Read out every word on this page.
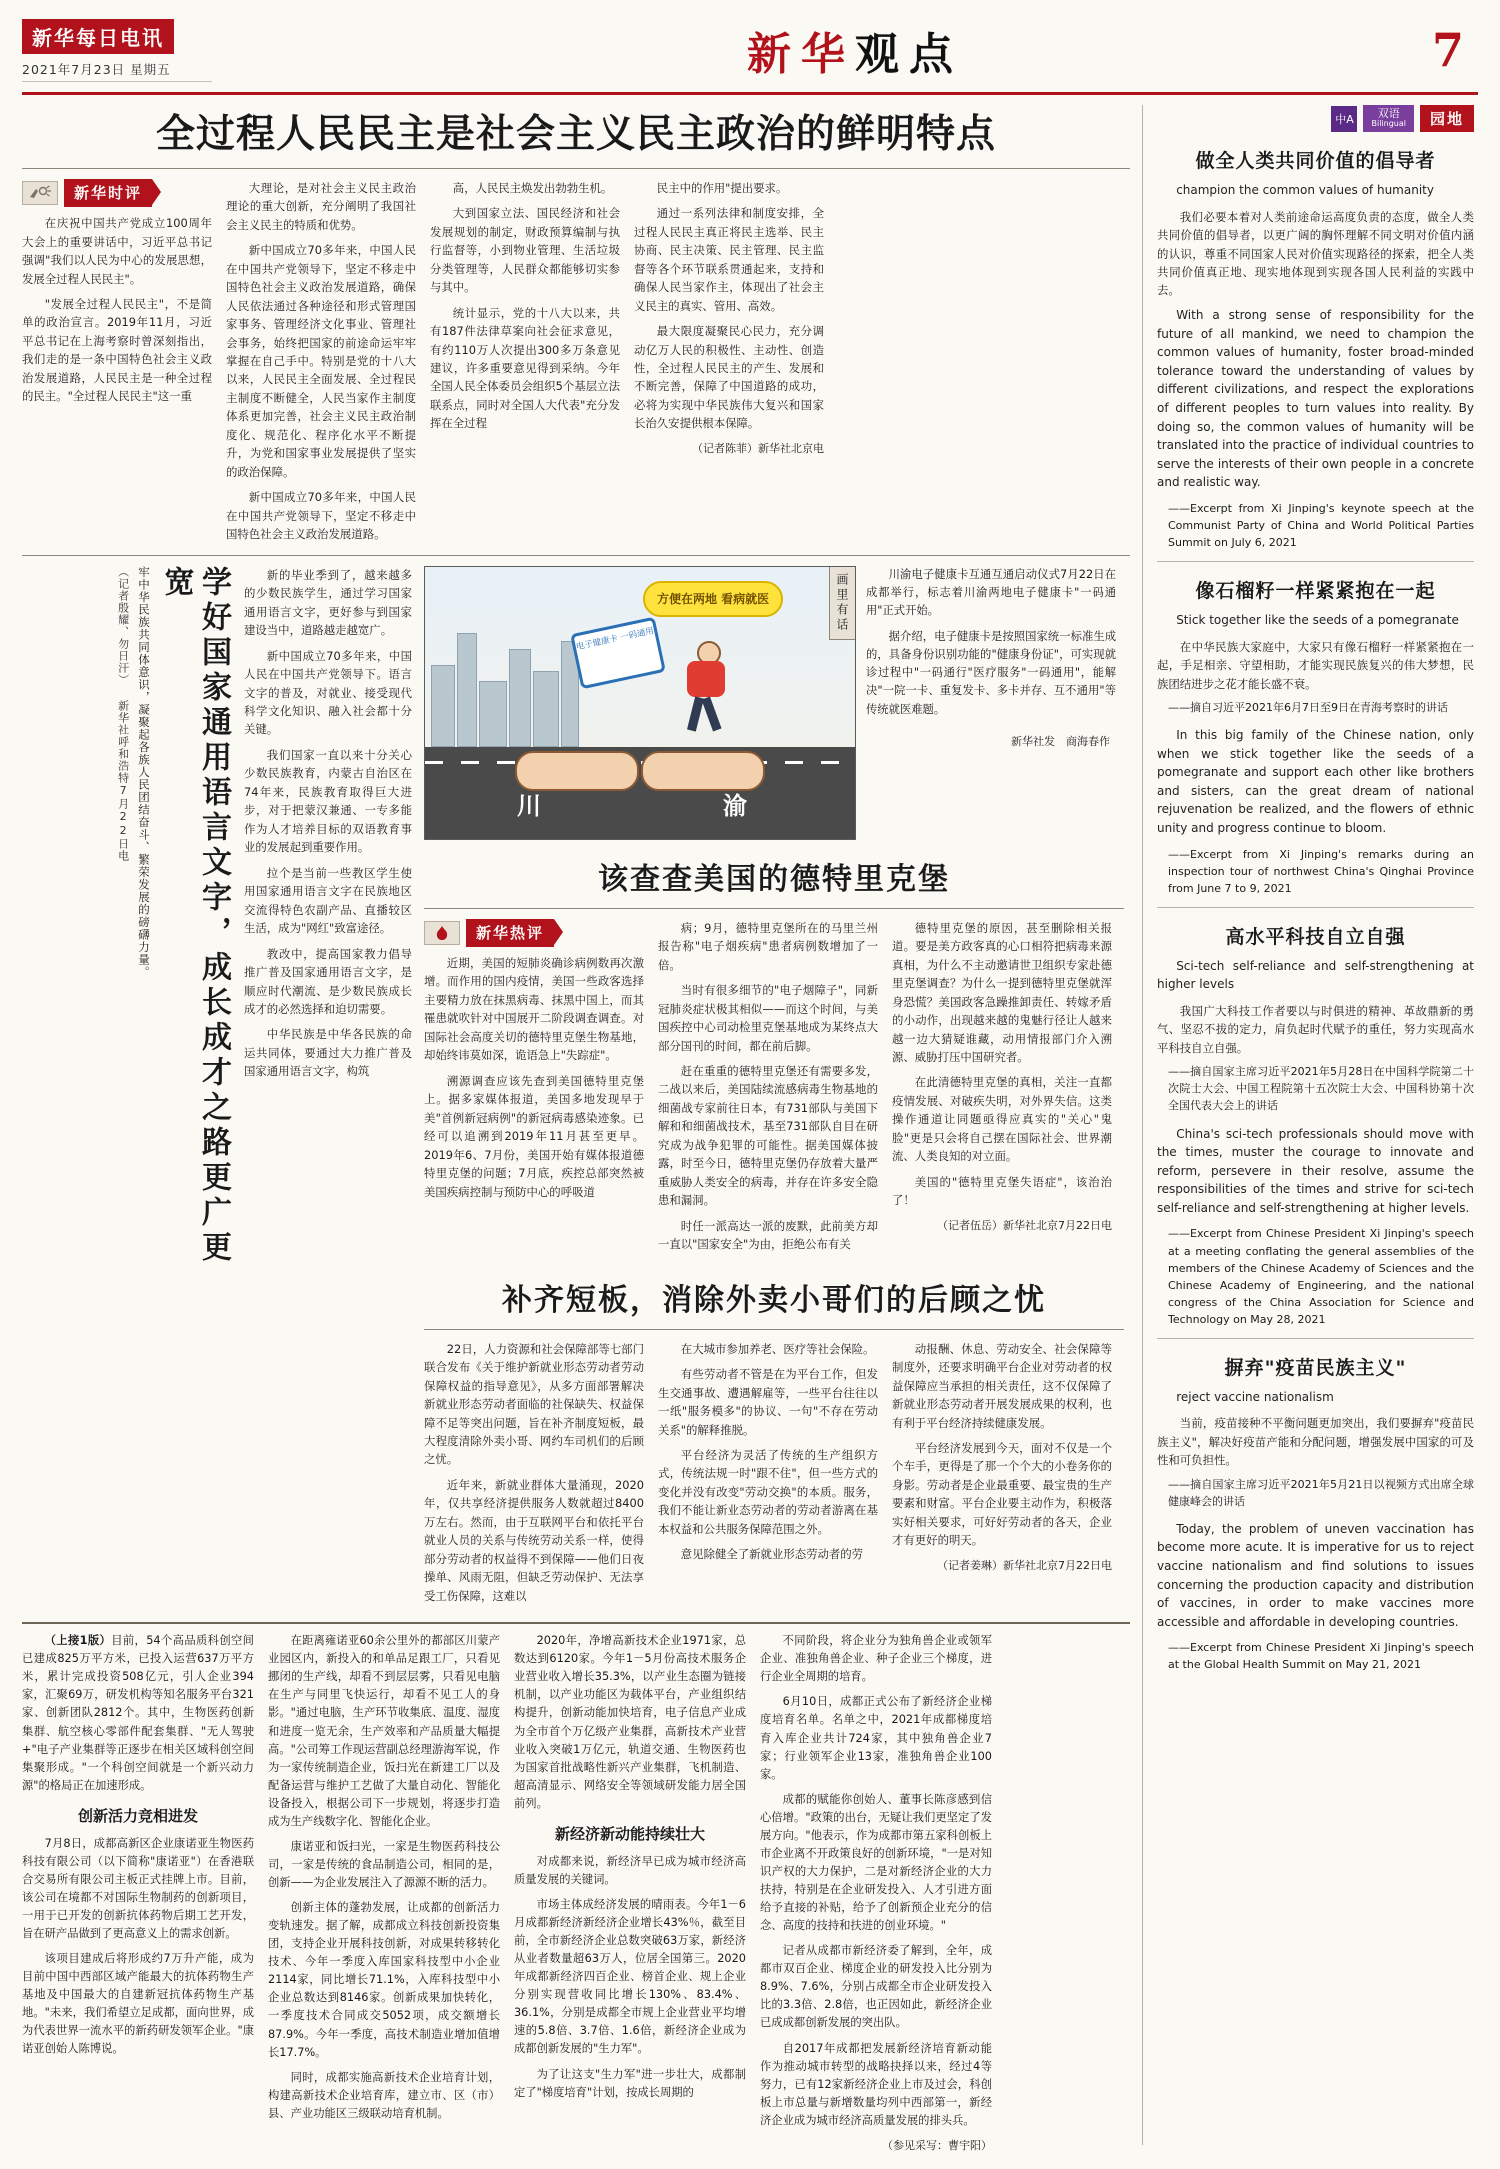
新华每日电讯
2021年7月23日 星期五	新华观点	7
全过程人民民主是社会主义民主政治的鲜明特点
新华时评

在庆祝中国共产党成立100周年大会上的重要讲话中，习近平总书记强调"我们以人民为中心的发展思想，发展全过程人民民主"。

"发展全过程人民民主"，不是简单的政治宣言。2019年11月，习近平总书记在上海考察时曾深刻指出，我们走的是一条中国特色社会主义政治发展道路，人民民主是一种全过程的民主。"全过程人民民主"这一重

大理论，是对社会主义民主政治理论的重大创新，充分阐明了我国社会主义民主的特质和优势。

新中国成立70多年来，中国人民在中国共产党领导下，坚定不移走中国特色社会主义政治发展道路，确保人民依法通过各种途径和形式管理国家事务、管理经济文化事业、管理社会事务，始终把国家的前途命运牢牢掌握在自己手中。特别是党的十八大以来，人民民主全面发展、全过程民主制度不断健全，人民当家作主制度体系更加完善，社会主义民主政治制度化、规范化、程序化水平不断提升，为党和国家事业发展提供了坚实的政治保障。

新中国成立70多年来，中国人民在中国共产党领导下，坚定不移走中国特色社会主义政治发展道路。

高，人民民主焕发出勃勃生机。

大到国家立法、国民经济和社会发展规划的制定，财政预算编制与执行监督等，小到物业管理、生活垃圾分类管理等，人民群众都能够切实参与其中。

统计显示，党的十八大以来，共有187件法律草案向社会征求意见，有约110万人次提出300多万条意见建议，许多重要意见得到采纳。今年全国人民全体委员会组织5个基层立法联系点，同时对全国人大代表"充分发挥在全过程

民主中的作用"提出要求。

通过一系列法律和制度安排，全过程人民民主真正将民主选举、民主协商、民主决策、民主管理、民主监督等各个环节联系贯通起来，支持和确保人民当家作主，体现出了社会主义民主的真实、管用、高效。

最大限度凝聚民心民力，充分调动亿万人民的积极性、主动性、创造性，全过程人民民主的产生、发展和不断完善，保障了中国道路的成功，必将为实现中华民族伟大复兴和国家长治久安提供根本保障。

（记者陈菲）新华社北京电

学好国家通用语言文字，成长成才之路更广更宽
牢中华民族共同体意识，凝聚起各族人民团结奋斗、繁荣发展的磅礴力量。
（记者殷耀、勿日汗） 新华社呼和浩特7月22日电	新的毕业季到了，越来越多的少数民族学生，通过学习国家通用语言文字，更好参与到国家建设当中，道路越走越宽广。

新中国成立70多年来，中国人民在中国共产党领导下。语言文字的普及，对就业、接受现代科学文化知识、融入社会都十分关键。

我们国家一直以来十分关心少数民族教育，内蒙古自治区在74年来，民族教育取得巨大进步，对于把蒙汉兼通、一专多能作为人才培养目标的双语教育事业的发展起到重要作用。

拉个是当前一些教区学生使用国家通用语言文字在民族地区交流得特色农副产品、直播较区生活，成为"网红"致富途径。

教改中，提高国家教力倡导推广普及国家通用语言文字，是顺应时代潮流、是少数民族成长成才的必然选择和迫切需要。

中华民族是中华各民族的命运共同体，要通过大力推广普及国家通用语言文字，构筑

电子健康卡 一码通用
方便在两地 看病就医
川	渝
画里有话	川渝电子健康卡互通互通启动仪式7月22日在成都举行，标志着川渝两地电子健康卡"一码通用"正式开始。

据介绍，电子健康卡是按照国家统一标准生成的，具备身份识别功能的"健康身份证"，可实现就诊过程中"一码通行"医疗服务"一码通用"，能解决"一院一卡、重复发卡、多卡并存、互不通用"等传统就医难题。

新华社发　商海春作

该查查美国的德特里克堡
新华热评

近期，美国的短肺炎确诊病例数再次激增。而作用的国内疫情，美国一些政客选择主要精力放在抹黑病毒、抹黑中国上，而其罹患就吹针对中国展开二阶段调查调查。对国际社会高度关切的德特里克堡生物基地，却始终讳莫如深，诡语急上"失踪症"。

溯源调查应该先查到美国德特里克堡上。据多家媒体报道，美国多地发现早于美"首例新冠病例"的新冠病毒感染迹象。已经可以追溯到2019年11月甚至更早。2019年6、7月份，美国开始有媒体报道德特里克堡的问题；7月底，疾控总部突然被美国疾病控制与预防中心的呼吸道

病；9月，德特里克堡所在的马里兰州报告称"电子烟疾病"患者病例数增加了一倍。

当时有很多细节的"电子烟障子"，同新冠肺炎症状极其相似——而这个时间，与美国疾控中心司动检里克堡基地成为某终点大部分国刊的时间，都在前后脚。

赶在重重的德特里克堡还有需要多发，二战以来后，美国陆续流感病毒生物基地的细菌战专家前往日本，有731部队与美国下解和和细菌战技术，基至731部队自目在研究成为战争犯罪的可能性。据美国媒体披露，时至今日，德特里克堡仍存放着大量严重威胁人类安全的病毒，并存在许多安全隐患和漏洞。

时任一派高达一派的废默，此前美方却一直以"国家安全"为由，拒绝公布有关

德特里克堡的原因，甚至删除相关报道。要是美方政客真的心口相符把病毒来源真相，为什么不主动邀请世卫组织专家赴德里克堡调查？为什么一提到德特里克堡就浑身恐慌？美国政客急躁推卸责任、转嫁矛盾的小动作，出现越来越的鬼魅行径让人越来越一边大猜疑谁藏，动用情报部门介入溯源、威胁打压中国研究者。

在此清德特里克堡的真相，关注一直都疫情发展、对破疾失明，对外界失信。这类操作通道让同题亟得应真实的"关心"鬼脸"更是只会将自己摆在国际社会、世界潮流、人类良知的对立面。

美国的"德特里克堡失语症"，该治治了！

（记者伍岳）新华社北京7月22日电

补齐短板，消除外卖小哥们的后顾之忧

22日，人力资源和社会保障部等七部门联合发布《关于维护新就业形态劳动者劳动保障权益的指导意见》，从多方面部署解决新就业形态劳动者面临的社保缺失、权益保障不足等突出问题，旨在补齐制度短板，最大程度清除外卖小哥、网约车司机们的后顾之忧。

近年来，新就业群体大量涌现，2020年，仅共享经济提供服务人数就超过8400万左右。然而，由于互联网平台和依托平台就业人员的关系与传统劳动关系一样，使得部分劳动者的权益得不到保障——他们日夜操单、风雨无阻，但缺乏劳动保护、无法享受工伤保障，这难以

在大城市参加养老、医疗等社会保险。

有些劳动者不管是在为平台工作，但发生交通事故、遭遇解雇等，一些平台往往以一纸"服务模多"的协议、一句"不存在劳动关系"的解释推脱。

平台经济为灵活了传统的生产组织方式，传统法规一时"跟不住"，但一些方式的变化并没有改变"劳动交换"的本质。服务，我们不能让新业态劳动者的劳动者游离在基本权益和公共服务保障范围之外。

意见除健全了新就业形态劳动者的劳

动报酬、休息、劳动安全、社会保障等制度外，还要求明确平台企业对劳动者的权益保障应当承担的相关责任，这不仅保障了新就业形态劳动者开展发展成果的权利，也有利于平台经济持续健康发展。

平台经济发展到今天，面对不仅是一个个车手，更得是了那一个个大的小卷务你的身影。劳动者是企业最重要、最宝贵的生产要素和财富。平台企业要主动作为，积极落实好相关要求，可好好劳动者的各天，企业才有更好的明天。

（记者姜琳）新华社北京7月22日电

（上接1版）目前，54个高品质科创空间已建成825万平方米，已投入运营637万平方米，累计完成投资508亿元，引人企业394家，汇聚69万，研发机构等知名服务平台321家、创新团队2812个。其中，生物医药创新集群、航空核心零部件配套集群、"无人驾驶+"电子产业集群等正逐步在相关区域科创空间集聚形成。"一个科创空间就是一个新兴动力源"的格局正在加速形成。

创新活力竞相进发

7月8日，成都高新区企业康诺亚生物医药科技有限公司（以下简称"康诺亚"）在香港联合交易所有限公司主板正式挂牌上市。目前，该公司在境都不对国际生物制药的创新项目，一用于已开发的创新抗体药物后期工艺开发，旨在研产品做到了更高意义上的需求创新。

该项目建成后将形成约7万升产能，成为目前中国中西部区域产能最大的抗体药物生产基地及中国最大的自建新冠抗体药物生产基地。"未来，我们希望立足成都，面向世界，成为代表世界一流水平的新药研发领军企业。"康诺亚创始人陈博说。

在距离雍诺亚60余公里外的都部区川蒙产业园区内，新投入的和单品足跟工厂，只看见挪闭的生产线，却看不到层层雾，只看见电脑在生产与同里飞快运行，却看不见工人的身影。"通过电脑，生产环节收集底、温度、湿度和进度一览无余，生产效率和产品质量大幅提高。"公司筹工作现运营副总经理游海军说，作为一家传统制造企业，饭扫光在新建工厂以及配备运营与维护工艺做了大量自动化、智能化设备投入，根据公司下一步规划，将逐步打造成为生产线数字化、智能化企业。

康诺亚和饭扫光，一家是生物医药科技公司，一家是传统的食品制造公司，相同的是，创新——为企业发展注入了源源不断的活力。

创新主体的蓬勃发展，让成都的创新活力变轨速发。据了解，成都成立科技创新投资集团，支持企业开展科技创新，对成果转移转化技术、今年一季度入库国家科技型中小企业2114家，同比增长71.1%，入库科技型中小企业总数达到8146家。创新成果加快转化，一季度技术合同成交5052项，成交额增长87.9%。今年一季度，高技术制造业增加值增长17.7%。

同时，成都实施高新技术企业培育计划，构建高新技术企业培育库，建立市、区（市）县、产业功能区三级联动培育机制。

2020年，净增高新技术企业1971家，总数达到6120家。今年1－5月份高技术服务企业营业收入增长35.3%，以产业生态圈为链接机制，以产业功能区为载体平台，产业组织结构提升，创新动能加快培育，电子信息产业成为全市首个万亿级产业集群，高新技术产业营业收入突破1万亿元，轨道交通、生物医药也为国家首批战略性新兴产业集群，飞机制造、超高清显示、网络安全等领域研发能力居全国前列。

新经济新动能持续壮大

对成都来说，新经济早已成为城市经济高质量发展的关键词。

市场主体成经济发展的晴雨表。今年1－6月成都新经济新经济企业增长43%％，截至目前，全市新经济企业总数突破63万家，新经济从业者数量超63万人，位居全国第三。2020年成都新经济四百企业、榜首企业、规上企业分别实现营收同比增长130%、83.4%、36.1%，分别是成都全市规上企业营业平均增速的5.8倍、3.7倍、1.6倍，新经济企业成为成都创新发展的"生力军"。

为了让这支"生力军"进一步壮大，成都制定了"梯度培育"计划，按成长周期的

不同阶段，将企业分为独角兽企业或领军企业、准独角兽企业、种子企业三个梯度，进行企业全周期的培育。

6月10日，成都正式公布了新经济企业梯度培育名单。名单之中，2021年成都梯度培育入库企业共计724家，其中独角兽企业7家；行业领军企业13家，准独角兽企业100家。

成都的赋能你创始人、董事长陈彦感到信心倍增。"政策的出台，无疑让我们更坚定了发展方向。"他表示，作为成都市第五家科创板上市企业离不开政策良好的创新环境，"一是对知识产权的大力保护，二是对新经济企业的大力扶持，特别是在企业研发投入、人才引进方面给予直接的补贴，给予了创新预企业充分的信念、高度的技持和扶进的创业环境。"

记者从成都市新经济委了解到，全年，成都市双百企业、梯度企业的研发投入比分别为8.9%、7.6%，分别占成都全市企业研发投入比的3.3倍、2.8倍，也正因如此，新经济企业已成成都创新发展的突出队。

自2017年成都把发展新经济培育新动能作为推动城市转型的战略抉择以来，经过4等努力，已有12家新经济企业上市及过会，科创板上市总量与新增数量均列中西部第一，新经济企业成为城市经济高质量发展的排头兵。

（参见采写：曹宇阳）

中A	双语
Bilingual	园地
做全人类共同价值的倡导者

champion the common values of humanity

我们必要本着对人类前途命运高度负责的态度，做全人类共同价值的倡导者，以更广阔的胸怀理解不同文明对价值内涵的认识，尊重不同国家人民对价值实现路径的探索，把全人类共同价值真正地、现实地体现到实现各国人民利益的实践中去。

With a strong sense of responsibility for the future of all mankind, we need to champion the common values of humanity, foster broad-minded tolerance toward the understanding of values by different civilizations, and respect the explorations of different peoples to turn values into reality. By doing so, the common values of humanity will be translated into the practice of individual countries to serve the interests of their own people in a concrete and realistic way.

——Excerpt from Xi Jinping's keynote speech at the Communist Party of China and World Political Parties Summit on July 6, 2021

像石榴籽一样紧紧抱在一起

Stick together like the seeds of a pomegranate

在中华民族大家庭中，大家只有像石榴籽一样紧紧抱在一起，手足相亲、守望相助，才能实现民族复兴的伟大梦想，民族团结进步之花才能长盛不衰。

——摘自习近平2021年6月7日至9日在青海考察时的讲话

In this big family of the Chinese nation, only when we stick together like the seeds of a pomegranate and support each other like brothers and sisters, can the great dream of national rejuvenation be realized, and the flowers of ethnic unity and progress continue to bloom.

——Excerpt from Xi Jinping's remarks during an inspection tour of northwest China's Qinghai Province from June 7 to 9, 2021

高水平科技自立自强

Sci-tech self-reliance and self-strengthening at higher levels

我国广大科技工作者要以与时俱进的精神、革故鼎新的勇气、坚忍不拔的定力，肩负起时代赋予的重任，努力实现高水平科技自立自强。

——摘自国家主席习近平2021年5月28日在中国科学院第二十次院士大会、中国工程院第十五次院士大会、中国科协第十次全国代表大会上的讲话

China's sci-tech professionals should move with the times, muster the courage to innovate and reform, persevere in their resolve, assume the responsibilities of the times and strive for sci-tech self-reliance and self-strengthening at higher levels.

——Excerpt from Chinese President Xi Jinping's speech at a meeting conflating the general assemblies of the members of the Chinese Academy of Sciences and the Chinese Academy of Engineering, and the national congress of the China Association for Science and Technology on May 28, 2021

摒弃"疫苗民族主义"

reject vaccine nationalism

当前，疫苗接种不平衡问题更加突出，我们要摒弃"疫苗民族主义"，解决好疫苗产能和分配问题，增强发展中国家的可及性和可负担性。

——摘自国家主席习近平2021年5月21日以视频方式出席全球健康峰会的讲话

Today, the problem of uneven vaccination has become more acute. It is imperative for us to reject vaccine nationalism and find solutions to issues concerning the production capacity and distribution of vaccines, in order to make vaccines more accessible and affordable in developing countries.

——Excerpt from Chinese President Xi Jinping's speech at the Global Health Summit on May 21, 2021
